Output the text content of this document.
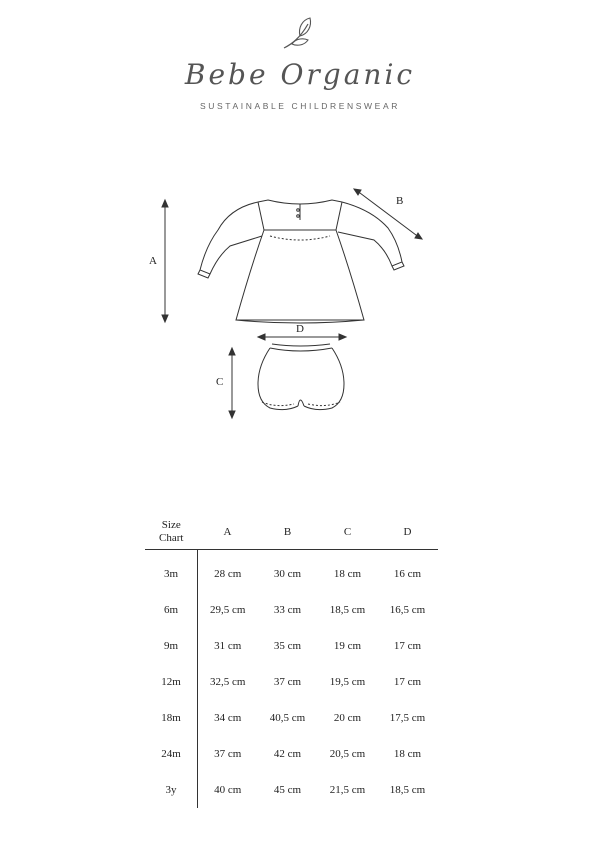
Bebe Organic
SUSTAINABLE CHILDRENSWEAR
A
B
D
C
Size
Chart	A	B	C	D
3m	28 cm	30 cm	18 cm	16 cm
6m	29,5 cm	33 cm	18,5 cm	16,5 cm
9m	31 cm	35 cm	19 cm	17 cm
12m	32,5 cm	37 cm	19,5 cm	17 cm
18m	34 cm	40,5 cm	20 cm	17,5 cm
24m	37 cm	42 cm	20,5 cm	18 cm
3y	40 cm	45 cm	21,5 cm	18,5 cm
